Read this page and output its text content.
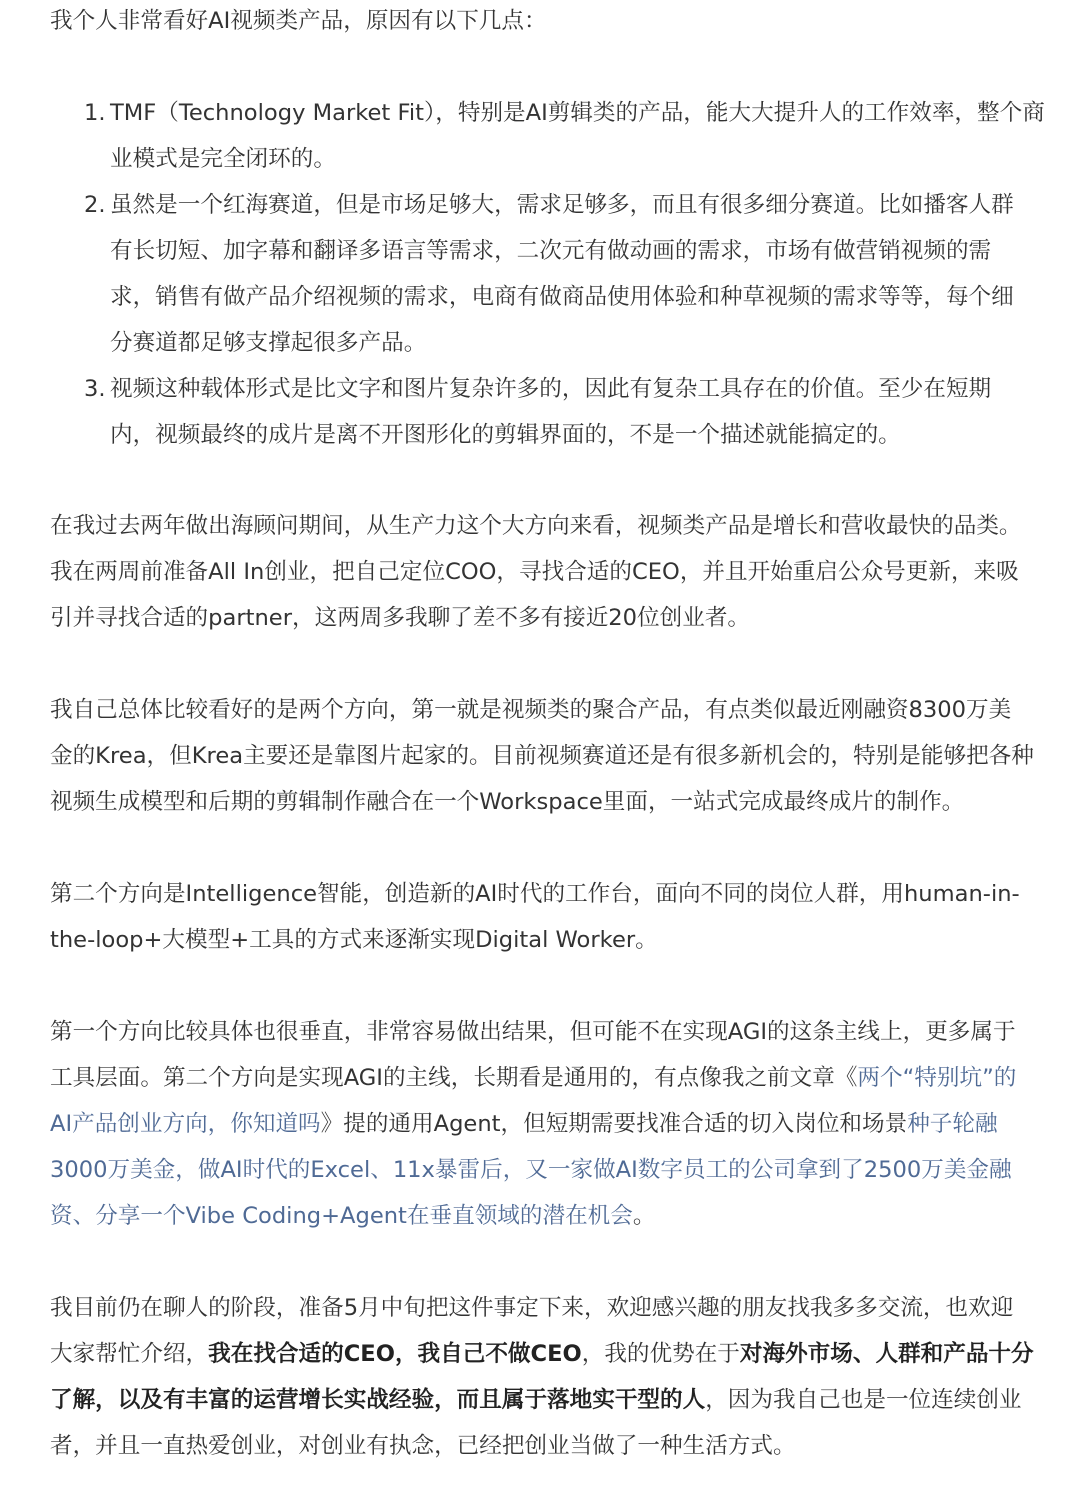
我个人非常看好AI视频类产品，原因有以下几点：
1. TMF（Technology Market Fit），特别是AI剪辑类的产品，能大大提升人的工作效率，整个商
业模式是完全闭环的。
2. 虽然是一个红海赛道，但是市场足够大，需求足够多，而且有很多细分赛道。比如播客人群
有长切短、加字幕和翻译多语言等需求，二次元有做动画的需求，市场有做营销视频的需
求，销售有做产品介绍视频的需求，电商有做商品使用体验和种草视频的需求等等，每个细
分赛道都足够支撑起很多产品。
3. 视频这种载体形式是比文字和图片复杂许多的，因此有复杂工具存在的价值。至少在短期
内，视频最终的成片是离不开图形化的剪辑界面的，不是一个描述就能搞定的。
在我过去两年做出海顾问期间，从生产力这个大方向来看，视频类产品是增长和营收最快的品类。
我在两周前准备All In创业，把自己定位COO，寻找合适的CEO，并且开始重启公众号更新，来吸
引并寻找合适的partner，这两周多我聊了差不多有接近20位创业者。
我自己总体比较看好的是两个方向，第一就是视频类的聚合产品，有点类似最近刚融资8300万美
金的Krea，但Krea主要还是靠图片起家的。目前视频赛道还是有很多新机会的，特别是能够把各种
视频生成模型和后期的剪辑制作融合在一个Workspace里面，一站式完成最终成片的制作。
第二个方向是Intelligence智能，创造新的AI时代的工作台，面向不同的岗位人群，用human-in-
the-loop+大模型+工具的方式来逐渐实现Digital Worker。
第一个方向比较具体也很垂直，非常容易做出结果，但可能不在实现AGI的这条主线上，更多属于
工具层面。第二个方向是实现AGI的主线，长期看是通用的，有点像我之前文章《两个“特别坑”的
AI产品创业方向，你知道吗》提的通用Agent，但短期需要找准合适的切入岗位和场景种子轮融
3000万美金，做AI时代的Excel、11x暴雷后，又一家做AI数字员工的公司拿到了2500万美金融
资、分享一个Vibe Coding+Agent在垂直领域的潜在机会。
我目前仍在聊人的阶段，准备5月中旬把这件事定下来，欢迎感兴趣的朋友找我多多交流，也欢迎
大家帮忙介绍，我在找合适的CEO，我自己不做CEO，我的优势在于对海外市场、人群和产品十分
了解，以及有丰富的运营增长实战经验，而且属于落地实干型的人，因为我自己也是一位连续创业
者，并且一直热爱创业，对创业有执念，已经把创业当做了一种生活方式。
